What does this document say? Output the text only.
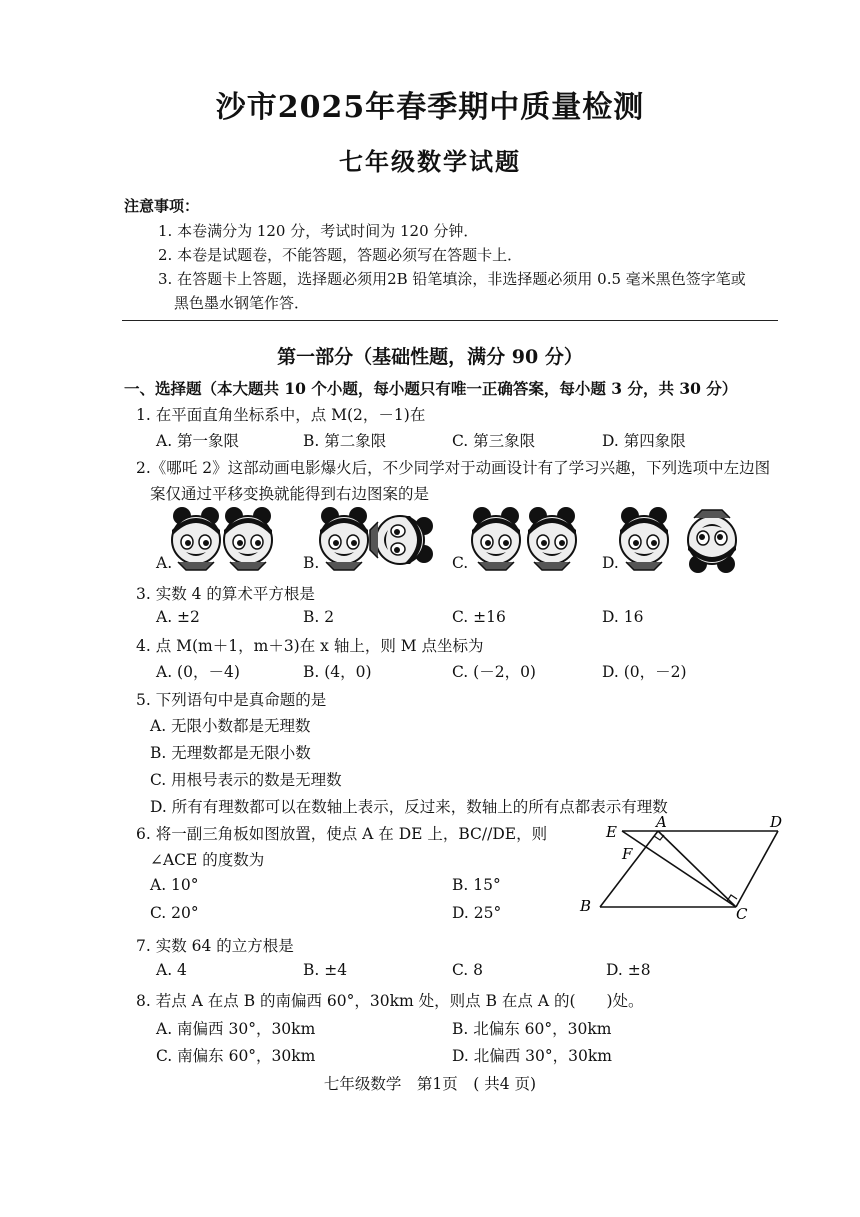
沙市2025年春季期中质量检测
七年级数学试题
注意事项：
1. 本卷满分为 120 分，考试时间为 120 分钟．
2. 本卷是试题卷，不能答题，答题必须写在答题卡上．
3. 在答题卡上答题，选择题必须用2B 铅笔填涂，非选择题必须用 0.5 毫米黑色签字笔或
黑色墨水钢笔作答．
第一部分（基础性题，满分 90 分）
一、选择题（本大题共 10 个小题，每小题只有唯一正确答案，每小题 3 分，共 30 分）
1. 在平面直角坐标系中，点 M(2，－1)在
A. 第一象限	B. 第二象限	C. 第三象限	D. 第四象限
2.《哪吒 2》这部动画电影爆火后，不少同学对于动画设计有了学习兴趣，下列选项中左边图
案仅通过平移变换就能得到右边图案的是
A.	B.	C.	D.
3. 实数 4 的算术平方根是
A. ±2	B. 2	C. ±16	D. 16
4. 点 M(m＋1，m＋3)在 x 轴上，则 M 点坐标为
A. (0，－4)	B. (4，0)	C. (－2，0)	D. (0，－2)
5. 下列语句中是真命题的是
A. 无限小数都是无理数
B. 无理数都是无限小数
C. 用根号表示的数是无理数
D. 所有有理数都可以在数轴上表示，反过来，数轴上的所有点都表示有理数
6. 将一副三角板如图放置，使点 A 在 DE 上，BC//DE，则
∠ACE 的度数为
A. 10°	B. 15°
C. 20°	D. 25°
E
A	D
F
B	C
7. 实数 64 的立方根是
A. 4	B. ±4	C. 8	D. ±8
8. 若点 A 在点 B 的南偏西 60°，30km 处，则点 B 在点 A 的(　　)处。
A. 南偏西 30°，30km	B. 北偏东 60°，30km
C. 南偏东 60°，30km	D. 北偏西 30°，30km
七年级数学　第1页　( 共4 页)
